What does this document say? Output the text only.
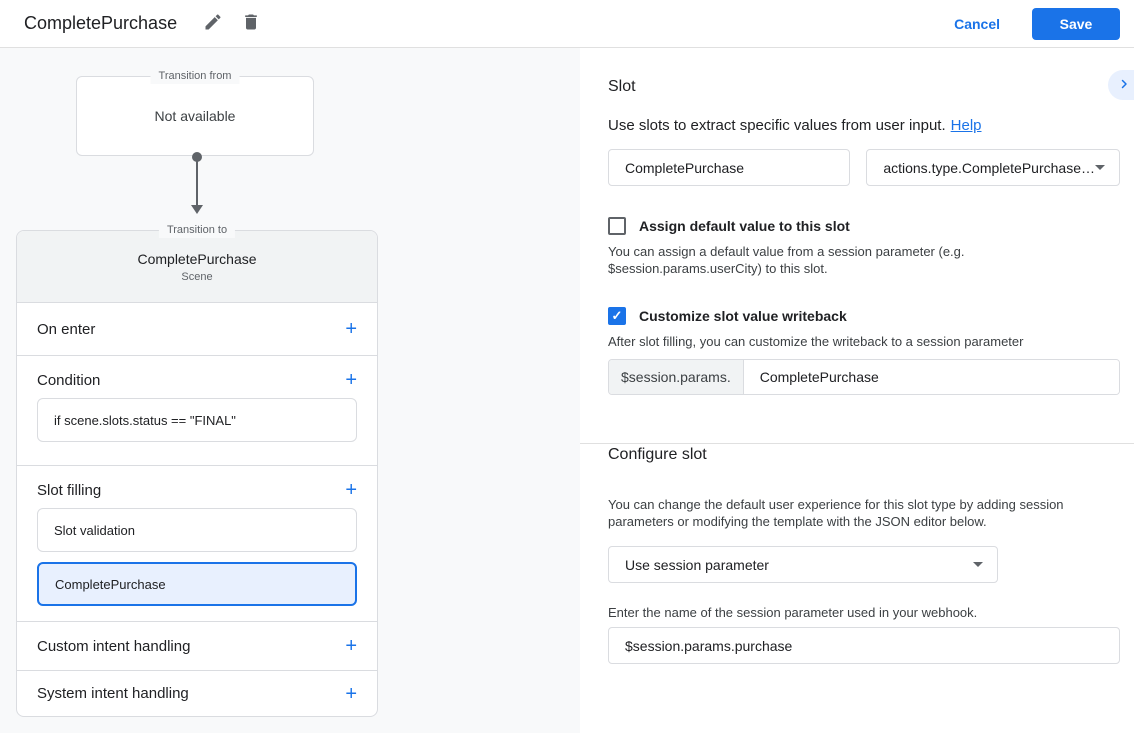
CompletePurchase	Cancel	Save
Transition from
Not available
Transition to
CompletePurchase
Scene
On enter	+
Condition	+
if scene.slots.status == "FINAL"
Slot filling	+
Slot validation
CompletePurchase
Custom intent handling	+
System intent handling	+
Slot

Use slots to extract specific values from user input. Help

CompletePurchase
actions.type.CompletePurchase…
Assign default value to this slot

You can assign a default value from a session parameter (e.g. $session.params.userCity) to this slot.

✓ Customize slot value writeback

After slot filling, you can customize the writeback to a session parameter

$session.params.
CompletePurchase
Configure slot

You can change the default user experience for this slot type by adding session parameters or modifying the template with the JSON editor below.

Use session parameter

Enter the name of the session parameter used in your webhook.

$session.params.purchase
